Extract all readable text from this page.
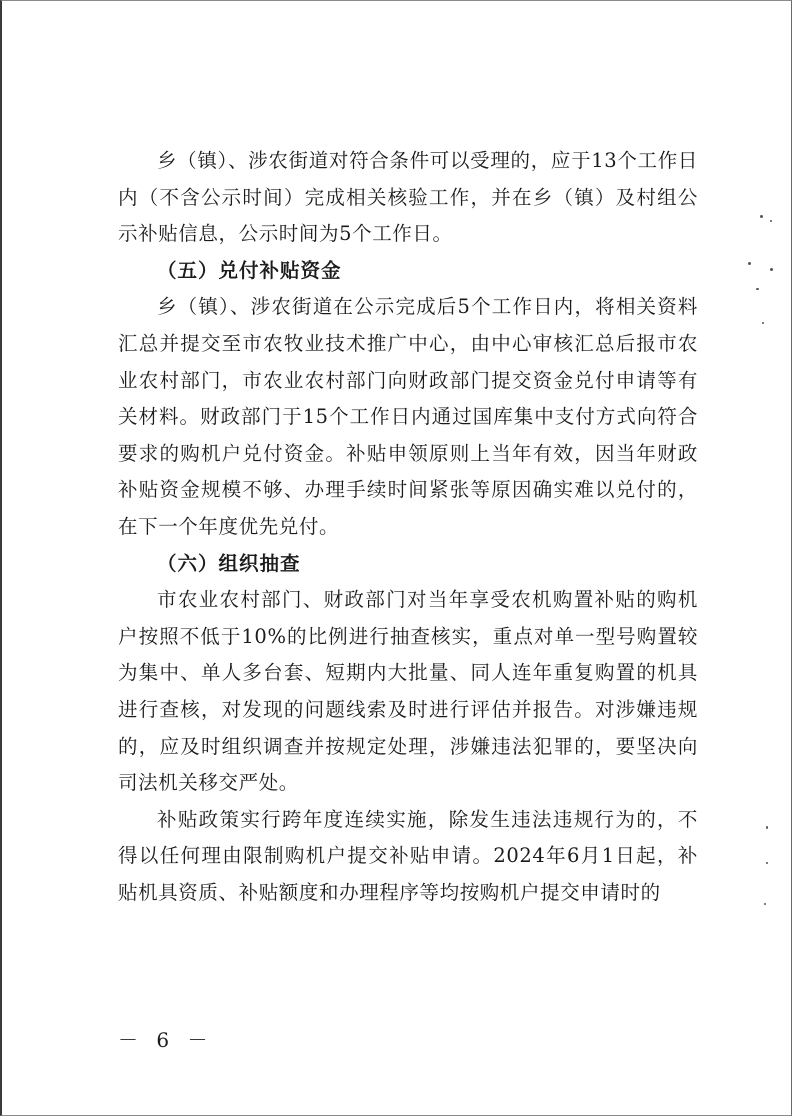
乡（镇）、涉农街道对符合条件可以受理的，应于13个工作日内（不含公示时间）完成相关核验工作，并在乡（镇）及村组公示补贴信息，公示时间为5个工作日。

（五）兑付补贴资金

乡（镇）、涉农街道在公示完成后5个工作日内，将相关资料汇总并提交至市农牧业技术推广中心，由中心审核汇总后报市农业农村部门，市农业农村部门向财政部门提交资金兑付申请等有关材料。财政部门于15个工作日内通过国库集中支付方式向符合要求的购机户兑付资金。补贴申领原则上当年有效，因当年财政补贴资金规模不够、办理手续时间紧张等原因确实难以兑付的，在下一个年度优先兑付。

（六）组织抽查

市农业农村部门、财政部门对当年享受农机购置补贴的购机户按照不低于10%的比例进行抽查核实，重点对单一型号购置较为集中、单人多台套、短期内大批量、同人连年重复购置的机具进行查核，对发现的问题线索及时进行评估并报告。对涉嫌违规的，应及时组织调查并按规定处理，涉嫌违法犯罪的，要坚决向司法机关移交严处。

补贴政策实行跨年度连续实施，除发生违法违规行为的，不得以任何理由限制购机户提交补贴申请。2024年6月1日起，补贴机具资质、补贴额度和办理程序等均按购机户提交申请时的

－ 6 －
